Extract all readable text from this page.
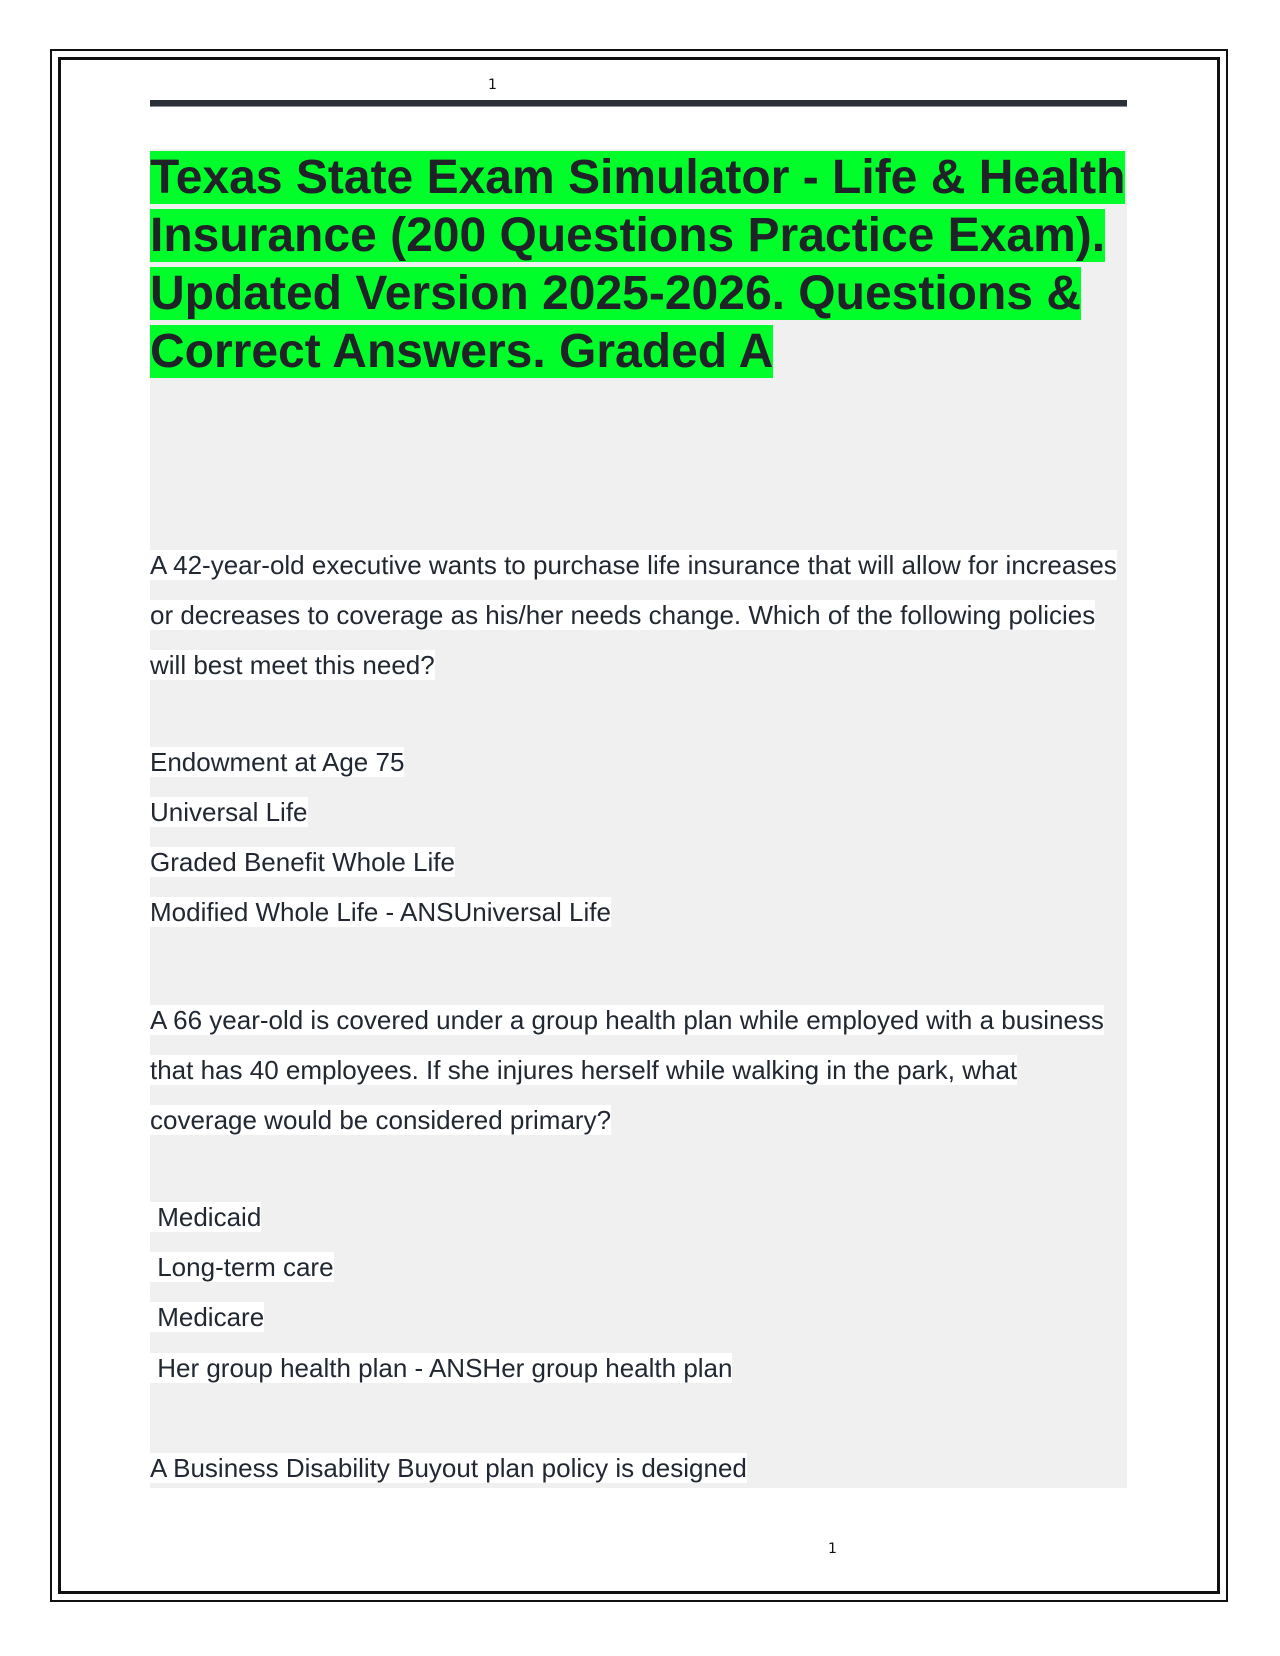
1
Texas State Exam Simulator - Life & Health Insurance (200 Questions Practice Exam). Updated Version 2025-2026. Questions & Correct Answers. Graded A

A 42-year-old executive wants to purchase life insurance that will allow for increases or decreases to coverage as his/her needs change. Which of the following policies will best meet this need?

Endowment at Age 75
Universal Life
Graded Benefit Whole Life
Modified Whole Life - ANSUniversal Life

A 66 year-old is covered under a group health plan while employed with a business that has 40 employees. If she injures herself while walking in the park, what coverage would be considered primary?

Medicaid
Long-term care
Medicare
Her group health plan - ANSHer group health plan
A Business Disability Buyout plan policy is designed
1
